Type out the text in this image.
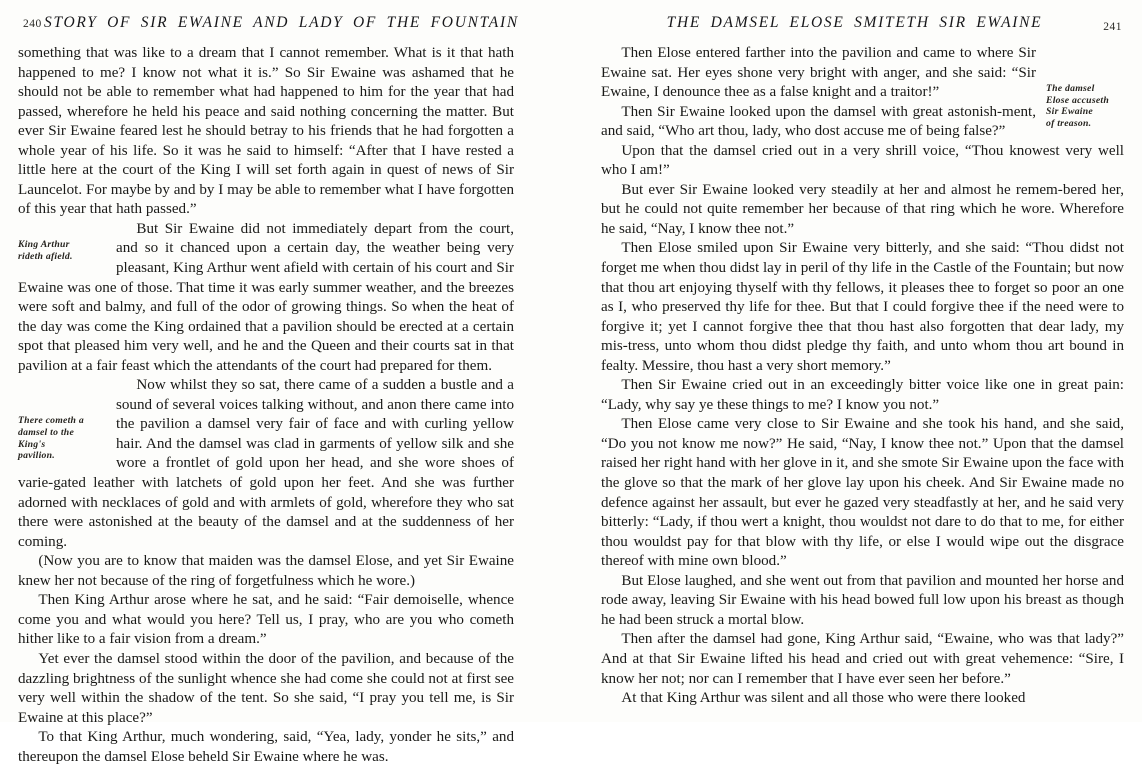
240 STORY OF SIR EWAINE AND LADY OF THE FOUNTAIN

something that was like to a dream that I cannot remember. What is it that hath happened to me? I know not what it is.” So Sir Ewaine was ashamed that he should not be able to remember what had happened to him for the year that had passed, wherefore he held his peace and said nothing concerning the matter. But ever Sir Ewaine feared lest he should betray to his friends that he had forgotten a whole year of his life. So it was he said to himself: “After that I have rested a little here at the court of the King I will set forth again in quest of news of Sir Launcelot. For maybe by and by I may be able to remember what I have forgotten of this year that hath passed.”

King Arthur
rideth afield.

But Sir Ewaine did not immediately depart from the court, and so it chanced upon a certain day, the weather being very pleasant, King Arthur went afield with certain of his court and Sir Ewaine was one of those. That time it was early summer weather, and the breezes were soft and balmy, and full of the odor of growing things. So when the heat of the day was come the King ordained that a pavilion should be erected at a certain spot that pleased him very well, and he and the Queen and their courts sat in that pavilion at a fair feast which the attendants of the court had prepared for them.

There cometh a
damsel to the
King's
pavilion.

Now whilst they so sat, there came of a sudden a bustle and a sound of several voices talking without, and anon there came into the pavilion a damsel very fair of face and with curling yellow hair. And the damsel was clad in garments of yellow silk and she wore a frontlet of gold upon her head, and she wore shoes of varie-gated leather with latchets of gold upon her feet. And she was further adorned with necklaces of gold and with armlets of gold, wherefore they who sat there were astonished at the beauty of the damsel and at the suddenness of her coming.

(Now you are to know that maiden was the damsel Elose, and yet Sir Ewaine knew her not because of the ring of forgetfulness which he wore.)

Then King Arthur arose where he sat, and he said: “Fair demoiselle, whence come you and what would you here? Tell us, I pray, who are you who cometh hither like to a fair vision from a dream.”

Yet ever the damsel stood within the door of the pavilion, and because of the dazzling brightness of the sunlight whence she had come she could not at first see very well within the shadow of the tent. So she said, “I pray you tell me, is Sir Ewaine at this place?”

To that King Arthur, much wondering, said, “Yea, lady, yonder he sits,” and thereupon the damsel Elose beheld Sir Ewaine where he was.

THE DAMSEL ELOSE SMITETH SIR EWAINE	241
The damsel
Elose accuseth
Sir Ewaine
of treason.

Then Elose entered farther into the pavilion and came to where Sir Ewaine sat. Her eyes shone very bright with anger, and she said: “Sir Ewaine, I denounce thee as a false knight and a traitor!”

Then Sir Ewaine looked upon the damsel with great astonish-ment, and said, “Who art thou, lady, who dost accuse me of being false?”

Upon that the damsel cried out in a very shrill voice, “Thou knowest very well who I am!”

But ever Sir Ewaine looked very steadily at her and almost he remem-bered her, but he could not quite remember her because of that ring which he wore. Wherefore he said, “Nay, I know thee not.”

Then Elose smiled upon Sir Ewaine very bitterly, and she said: “Thou didst not forget me when thou didst lay in peril of thy life in the Castle of the Fountain; but now that thou art enjoying thyself with thy fellows, it pleases thee to forget so poor an one as I, who preserved thy life for thee. But that I could forgive thee if the need were to forgive it; yet I cannot forgive thee that thou hast also forgotten that dear lady, my mis-tress, unto whom thou didst pledge thy faith, and unto whom thou art bound in fealty. Messire, thou hast a very short memory.”

Then Sir Ewaine cried out in an exceedingly bitter voice like one in great pain: “Lady, why say ye these things to me? I know you not.”

Then Elose came very close to Sir Ewaine and she took his hand, and she said, “Do you not know me now?” He said, “Nay, I know thee not.” Upon that the damsel raised her right hand with her glove in it, and she smote Sir Ewaine upon the face with the glove so that the mark of her glove lay upon his cheek. And Sir Ewaine made no defence against her assault, but ever he gazed very steadfastly at her, and he said very bitterly: “Lady, if thou wert a knight, thou wouldst not dare to do that to me, for either thou wouldst pay for that blow with thy life, or else I would wipe out the disgrace thereof with mine own blood.”

But Elose laughed, and she went out from that pavilion and mounted her horse and rode away, leaving Sir Ewaine with his head bowed full low upon his breast as though he had been struck a mortal blow.

Then after the damsel had gone, King Arthur said, “Ewaine, who was that lady?” And at that Sir Ewaine lifted his head and cried out with great vehemence: “Sire, I know her not; nor can I remember that I have ever seen her before.”

At that King Arthur was silent and all those who were there looked
